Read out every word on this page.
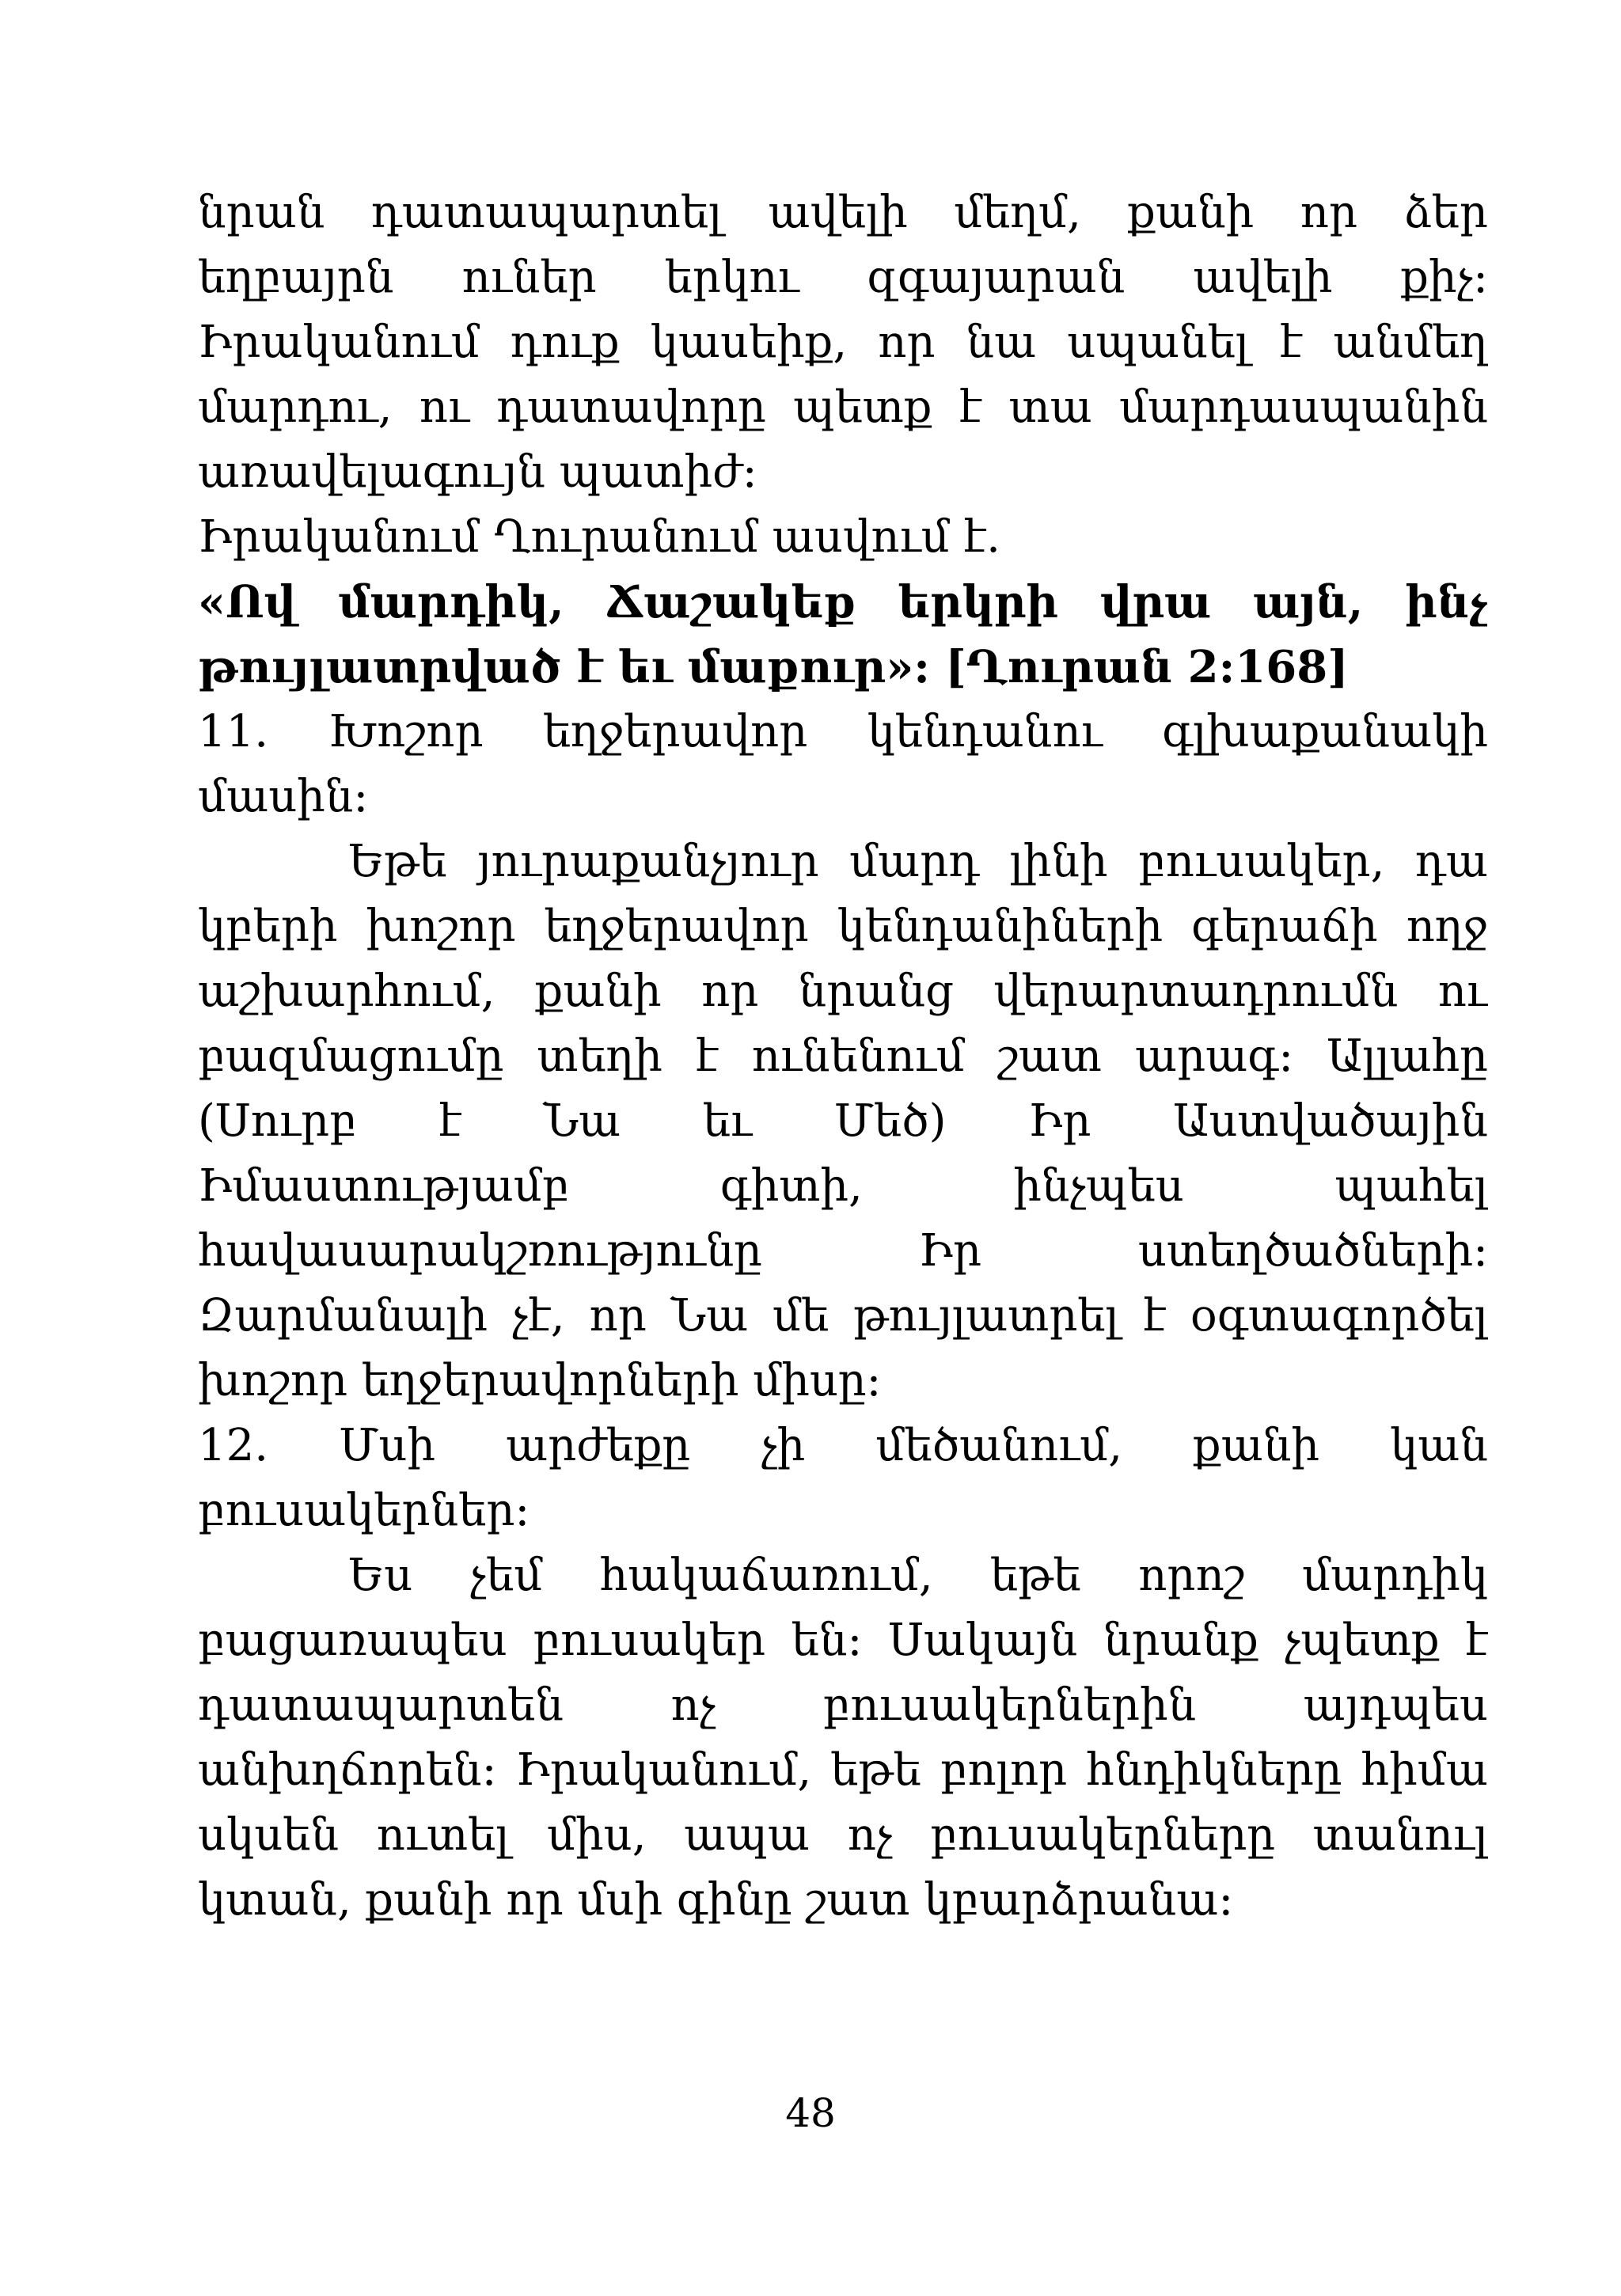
նրան դատապարտել ավելի մեղմ, քանի որ ձեր
եղբայրն ուներ երկու զգայարան ավելի քիչ:
Իրականում դուք կասեիք, որ նա սպանել է անմեղ
մարդու, ու դատավորը պետք է տա մարդասպանին
առավելագույն պատիժ:
Իրականում Ղուրանում ասվում է.
«Ով մարդիկ, Ճաշակեք երկրի վրա այն, ինչ
թույլատրված է եւ մաքուր»: [Ղուրան 2:168]
11. Խոշոր եղջերավոր կենդանու գլխաքանակի
մասին:
Եթե յուրաքանչյուր մարդ լինի բուսակեր, դա
կբերի խոշոր եղջերավոր կենդանիների գերաճի ողջ
աշխարհում, քանի որ նրանց վերարտադրումն ու
բազմացումը տեղի է ունենում շատ արագ: Ալլահը
(Սուրբ է Նա եւ Մեծ) Իր Աստվածային
Իմաստությամբ գիտի, ինչպես պահել
հավասարակշռությունը Իր ստեղծածների:
Զարմանալի չէ, որ Նա մե թույլատրել է օգտագործել
խոշոր եղջերավորների միսը:
12. Մսի արժեքը չի մեծանում, քանի կան
բուսակերներ:
Ես չեմ հակաճառում, եթե որոշ մարդիկ
բացառապես բուսակեր են: Սակայն նրանք չպետք է
դատապարտեն ոչ բուսակերներին այդպես
անխղճորեն: Իրականում, եթե բոլոր հնդիկները հիմա
սկսեն ուտել միս, ապա ոչ բուսակերները տանուլ
կտան, քանի որ մսի գինը շատ կբարձրանա:
48
